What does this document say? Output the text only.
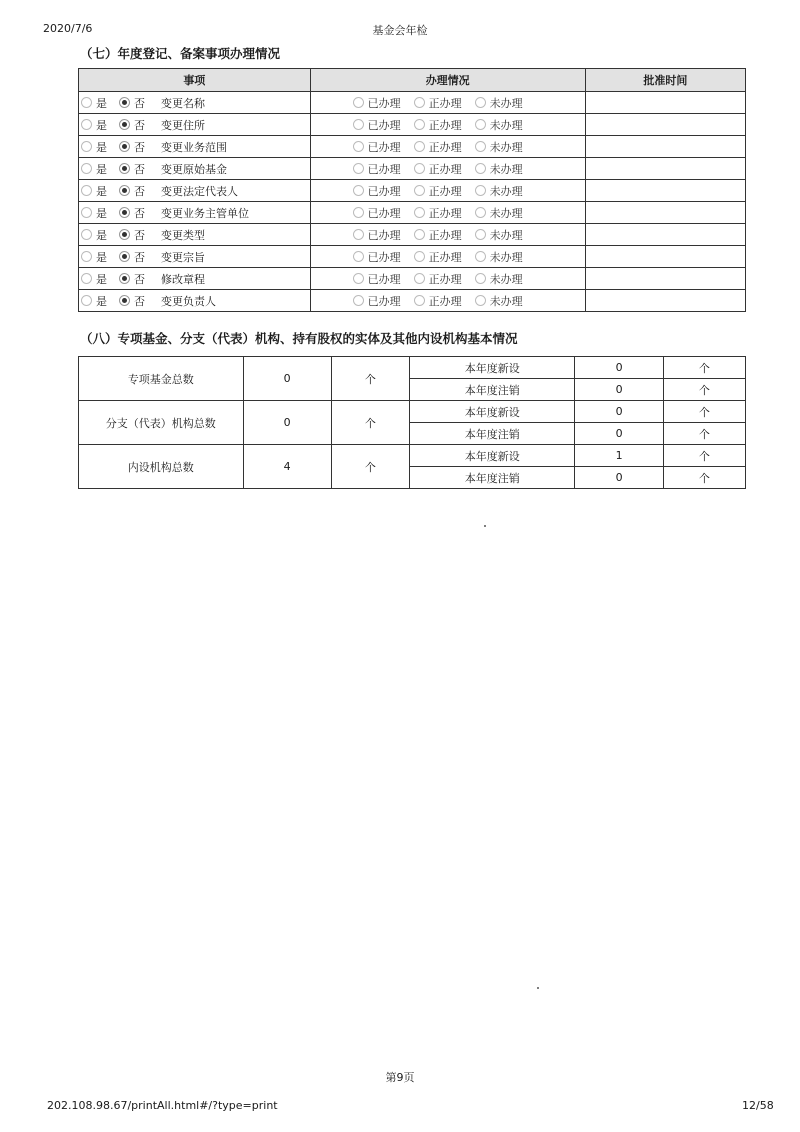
2020/7/6	基金会年检
（七）年度登记、备案事项办理情况
事项	办理情况	批准时间
是 否 变更名称	已办理 正办理 未办理	
是 否 变更住所	已办理 正办理 未办理	
是 否 变更业务范围	已办理 正办理 未办理	
是 否 变更原始基金	已办理 正办理 未办理	
是 否 变更法定代表人	已办理 正办理 未办理	
是 否 变更业务主管单位	已办理 正办理 未办理	
是 否 变更类型	已办理 正办理 未办理	
是 否 变更宗旨	已办理 正办理 未办理	
是 否 修改章程	已办理 正办理 未办理	
是 否 变更负责人	已办理 正办理 未办理	
（八）专项基金、分支（代表）机构、持有股权的实体及其他内设机构基本情况
专项基金总数	0	个	本年度新设	0	个
			本年度注销	0	个
分支（代表）机构总数	0	个	本年度新设	0	个
			本年度注销	0	个
内设机构总数	4	个	本年度新设	1	个
			本年度注销	0	个
第9页
202.108.98.67/printAll.html#/?type=print	12/58
